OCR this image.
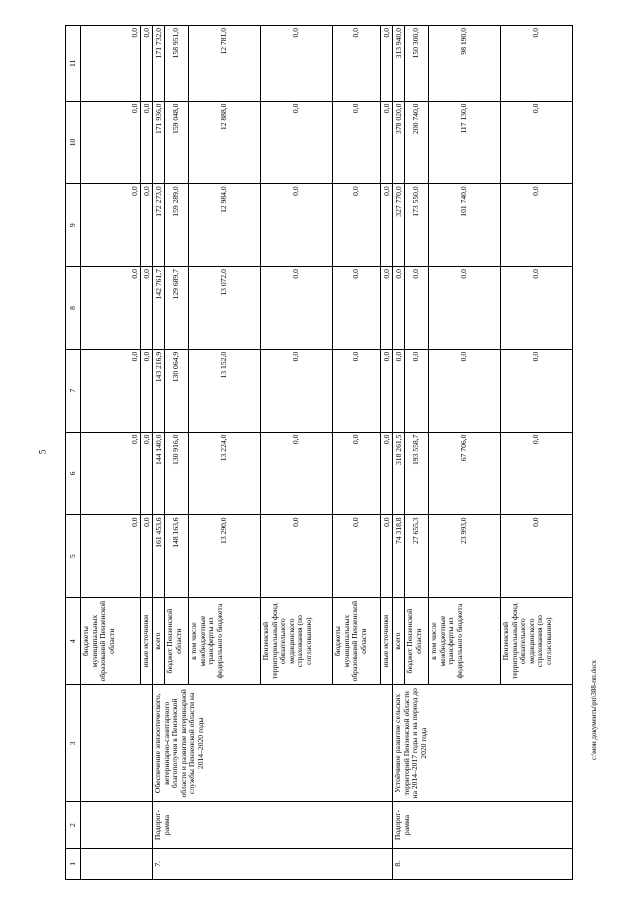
5
c:\мои документы\рп\388-пп.docx
1	2	3	4	5	6	7	8	9	10	11
			бюджеты муниципальных образований Пензенской области	0,0	0,0	0,0	0,0	0,0	0,0	0,0
			иные источники	0,0	0,0	0,0	0,0	0,0	0,0	0,0
7.	Подпрог-рамма	Обеспечение эпизоотического, ветеринарно-санитарного благополучия в Пензенской области и развитие ветеринарной службы Пензенской области на 2014–2020 годы	всего	161 453,6	144 140,0	143 216,9	142 761,7	172 273,0	171 936,0	171 732,0
			бюджет Пензенской области	148 163,6	130 916,0	130 064,9	129 689,7	159 289,0	159 048,0	158 951,0
			в том числе межбюджетные трансферты из федерального бюджета	13 290,0	13 224,0	13 152,0	13 072,0	12 984,0	12 888,0	12 781,0
			Пензенский территориальный фонд обязательного медицинского страхования (по согласованию)	0,0	0,0	0,0	0,0	0,0	0,0	0,0
			бюджеты муниципальных образований Пензенской области	0,0	0,0	0,0	0,0	0,0	0,0	0,0
			иные источники	0,0	0,0	0,0	0,0	0,0	0,0	0,0
8.	Подпрог-рамма	Устойчивое развитие сельских территорий Пензенской области на 2014–2017 годы и на период до 2020 года	всего	74 318,8	318 261,5	0,0	0,0	327 770,0	378 020,0	313 940,0
			бюджет Пензенской области	27 655,3	193 558,7	0,0	0,0	173 550,0	200 740,0	150 300,0
			в том числе межбюджетные трансферты из федерального бюджета	23 993,0	67 706,0	0,0	0,0	101 740,0	117 130,0	98 190,0
			Пензенский территориальный фонд обязательного медицинского страхования (по согласованию)	0,0	0,0	0,0	0,0	0,0	0,0	0,0
